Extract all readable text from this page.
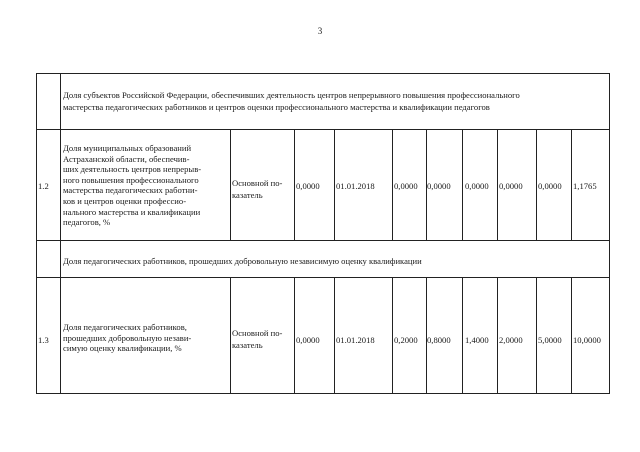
3
Доля субъектов Российской Федерации, обеспечивших деятельность центров непрерывного повышения профессионального
мастерства педагогических работников и центров оценки профессионального мастерства и квалификации педагогов
1.2
Доля муниципальных образований
Астраханской области, обеспечив-
ших деятельность центров непрерыв-
ного повышения профессионального
мастерства педагогических работни-
ков и центров оценки профессио-
нального мастерства и квалификации
педагогов, %
Основной по-
казатель
0,0000 01.01.2018 0,0000 0,0000 0,0000 0,0000 0,0000 1,1765
Доля педагогических работников, прошедших добровольную независимую оценку квалификации
1.3
Доля педагогических работников,
прошедших добровольную незави-
симую оценку квалификации, %
Основной по-
казатель	0,0000 01.01.2018 0,2000 0,8000 1,4000 2,0000 5,0000 10,0000
